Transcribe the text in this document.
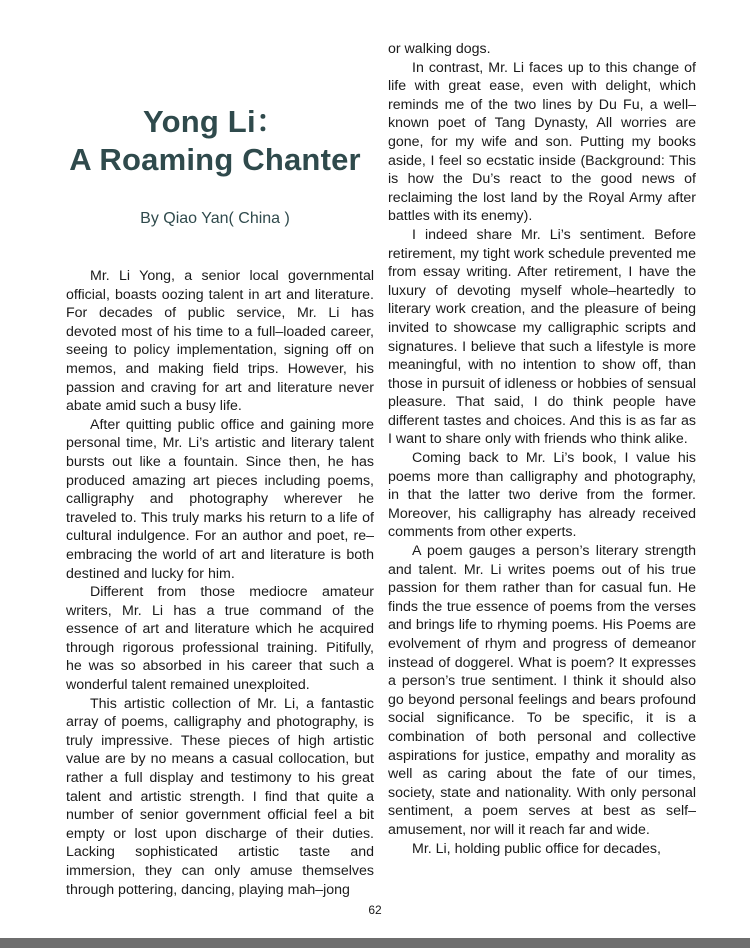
Yong Li：
A Roaming Chanter
By Qiao Yan( China )

Mr. Li Yong, a senior local governmental official, boasts oozing talent in art and literature. For decades of public service, Mr. Li has devoted most of his time to a full–loaded career, seeing to policy implementation, signing off on memos, and making field trips. However, his passion and craving for art and literature never abate amid such a busy life.

After quitting public office and gaining more personal time, Mr. Li’s artistic and literary talent bursts out like a fountain. Since then, he has produced amazing art pieces including poems, calligraphy and photography wherever he traveled to. This truly marks his return to a life of cultural indulgence. For an author and poet, re–embracing the world of art and literature is both destined and lucky for him.

Different from those mediocre amateur writers, Mr. Li has a true command of the essence of art and literature which he acquired through rigorous professional training. Pitifully, he was so absorbed in his career that such a wonderful talent remained unexploited.

This artistic collection of Mr. Li, a fantastic array of poems, calligraphy and photography, is truly impressive. These pieces of high artistic value are by no means a casual collocation, but rather a full display and testimony to his great talent and artistic strength. I find that quite a number of senior government official feel a bit empty or lost upon discharge of their duties. Lacking sophisticated artistic taste and immersion, they can only amuse themselves through pottering, dancing, playing mah–jong

or walking dogs.

In contrast, Mr. Li faces up to this change of life with great ease, even with delight, which reminds me of the two lines by Du Fu, a well–known poet of Tang Dynasty, All worries are gone, for my wife and son. Putting my books aside, I feel so ecstatic inside (Background: This is how the Du’s react to the good news of reclaiming the lost land by the Royal Army after battles with its enemy).

I indeed share Mr. Li’s sentiment. Before retirement, my tight work schedule prevented me from essay writing. After retirement, I have the luxury of devoting myself whole–heartedly to literary work creation, and the pleasure of being invited to showcase my calligraphic scripts and signatures. I believe that such a lifestyle is more meaningful, with no intention to show off, than those in pursuit of idleness or hobbies of sensual pleasure. That said, I do think people have different tastes and choices. And this is as far as I want to share only with friends who think alike.

Coming back to Mr. Li’s book, I value his poems more than calligraphy and photography, in that the latter two derive from the former. Moreover, his calligraphy has already received comments from other experts.

A poem gauges a person’s literary strength and talent. Mr. Li writes poems out of his true passion for them rather than for casual fun. He finds the true essence of poems from the verses and brings life to rhyming poems. His Poems are evolvement of rhym and progress of demeanor instead of doggerel. What is poem? It expresses a person’s true sentiment. I think it should also go beyond personal feelings and bears profound social significance. To be specific, it is a combination of both personal and collective aspirations for justice, empathy and morality as well as caring about the fate of our times, society, state and nationality. With only personal sentiment, a poem serves at best as self–amusement, nor will it reach far and wide.

Mr. Li, holding public office for decades,

62
